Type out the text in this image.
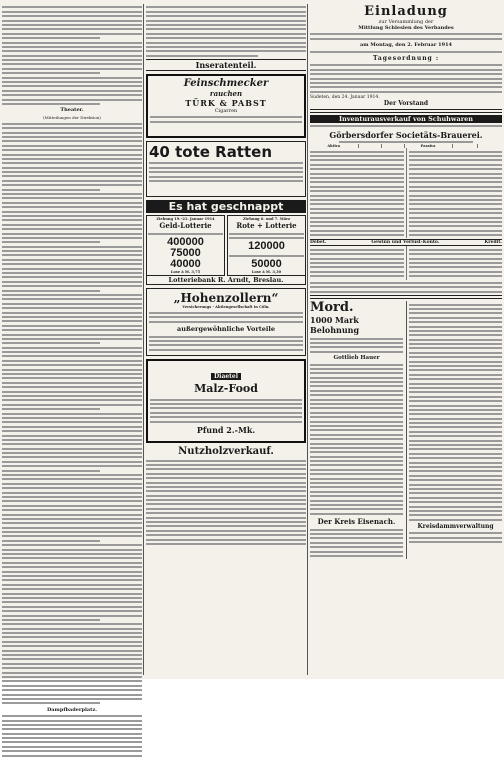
Theater.
(Mitteilungen der Direktion)
Dampfbaderplatz.
Inseratenteil.
Feinschmecker
rauchen
TÜRK & PABST
Cigarren
40 tote Ratten
Es hat geschnappt
Ziehung 19.–21. Januar 1914
Geld-Lotterie
400000
75000
40000
Lose à M. 3,75
Ziehung 6. und 7. März
Rote + Lotterie
120000
50000
Lose à M. 3,30
Lotteriebank R. Arndt, Breslau.
„Hohenzollern“
Versicherungs - Aktiengesellschaft in Cöln.
außergewöhnliche Vorteile
Diaetel
Malz-Food
Pfund 2.-Mk.
Nutzholzverkauf.
Einladung
zur Versammlung der
Mittlung Schlesien des Verbandes
am Montag, den 2. Februar 1914
Tagesordnung :
Sudeten, den 24. Januar 1914.
Der Vorstand
Inventurausverkauf von Schuhwaren
Görbersdorfer Societäts-Brauerei.
Aktiva			Passiva		

Debet.	Gewinn und Verlust-Konto.	Kredit.
Mord.
1000 Mark Belohnung
Gottlieb Hauer
Der Kreis Eisenach.
Kreisdammverwaltung
